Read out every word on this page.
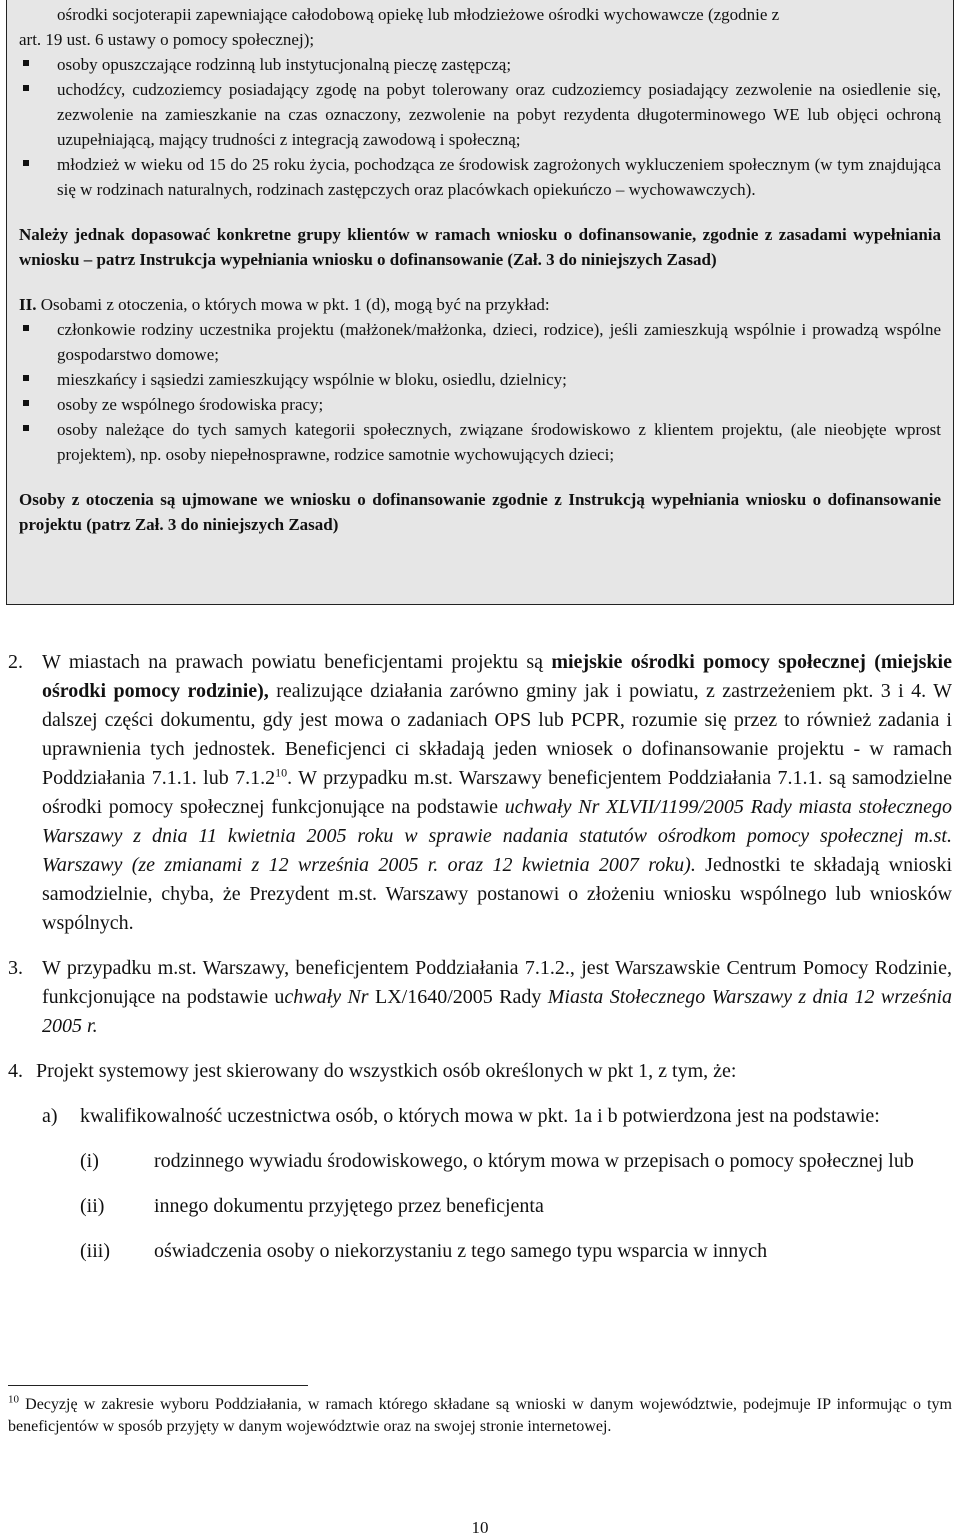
ośrodki socjoterapii zapewniające całodobową opiekę lub młodzieżowe ośrodki wychowawcze (zgodnie z
art. 19 ust. 6 ustawy o pomocy społecznej);
osoby opuszczające rodzinną lub instytucjonalną pieczę zastępczą;
uchodźcy, cudzoziemcy posiadający zgodę na pobyt tolerowany oraz cudzoziemcy posiadający zezwolenie na osiedlenie się, zezwolenie na zamieszkanie na czas oznaczony, zezwolenie na pobyt rezydenta długoterminowego WE lub objęci ochroną uzupełniającą, mający trudności z integracją zawodową i społeczną;
młodzież w wieku od 15 do 25 roku życia, pochodząca ze środowisk zagrożonych wykluczeniem społecznym (w tym znajdująca się w rodzinach naturalnych, rodzinach zastępczych oraz placówkach opiekuńczo – wychowawczych).

Należy jednak dopasować konkretne grupy klientów w ramach wniosku o dofinansowanie, zgodnie z zasadami wypełniania wniosku – patrz Instrukcja wypełniania wniosku o dofinansowanie (Zał. 3 do niniejszych Zasad)

II. Osobami z otoczenia, o których mowa w pkt. 1 (d), mogą być na przykład:

członkowie rodziny uczestnika projektu (małżonek/małżonka, dzieci, rodzice), jeśli zamieszkują wspólnie i prowadzą wspólne gospodarstwo domowe;
mieszkańcy i sąsiedzi zamieszkujący wspólnie w bloku, osiedlu, dzielnicy;
osoby ze wspólnego środowiska pracy;
osoby należące do tych samych kategorii społecznych, związane środowiskowo z klientem projektu, (ale nieobjęte wprost projektem), np. osoby niepełnosprawne, rodzice samotnie wychowujących dzieci;

Osoby z otoczenia są ujmowane we wniosku o dofinansowanie zgodnie z Instrukcją wypełniania wniosku o dofinansowanie projektu (patrz Zał. 3 do niniejszych Zasad)

2. W miastach na prawach powiatu beneficjentami projektu są miejskie ośrodki pomocy społecznej (miejskie ośrodki pomocy rodzinie), realizujące działania zarówno gminy jak i powiatu, z zastrzeżeniem pkt. 3 i 4. W dalszej części dokumentu, gdy jest mowa o zadaniach OPS lub PCPR, rozumie się przez to również zadania i uprawnienia tych jednostek. Beneficjenci ci składają jeden wniosek o dofinansowanie projektu - w ramach Poddziałania 7.1.1. lub 7.1.2$^{10}$. W przypadku m.st. Warszawy beneficjentem Poddziałania 7.1.1. są samodzielne ośrodki pomocy społecznej funkcjonujące na podstawie uchwały Nr XLVII/1199/2005 Rady miasta stołecznego Warszawy z dnia 11 kwietnia 2005 roku w sprawie nadania statutów ośrodkom pomocy społecznej m.st. Warszawy (ze zmianami z 12 września 2005 r. oraz 12 kwietnia 2007 roku). Jednostki te składają wnioski samodzielnie, chyba, że Prezydent m.st. Warszawy postanowi o złożeniu wniosku wspólnego lub wniosków wspólnych.
3. W przypadku m.st. Warszawy, beneficjentem Poddziałania 7.1.2., jest Warszawskie Centrum Pomocy Rodzinie, funkcjonujące na podstawie uchwały Nr LX/1640/2005 Rady Miasta Stołecznego Warszawy z dnia 12 września 2005 r.
4. Projekt systemowy jest skierowany do wszystkich osób określonych w pkt 1, z tym, że:
a) kwalifikowalność uczestnictwa osób, o których mowa w pkt. 1a i b potwierdzona jest na podstawie:
(i)	rodzinnego wywiadu środowiskowego, o którym mowa w przepisach o pomocy społecznej lub
(ii) innego dokumentu przyjętego przez beneficjenta
(iii) oświadczenia osoby o niekorzystaniu z tego samego typu wsparcia w innych
$^{10}$ Decyzję w zakresie wyboru Poddziałania, w ramach którego składane są wnioski w danym województwie, podejmuje IP informując o tym beneficjentów w sposób przyjęty w danym województwie oraz na swojej stronie internetowej.
10
